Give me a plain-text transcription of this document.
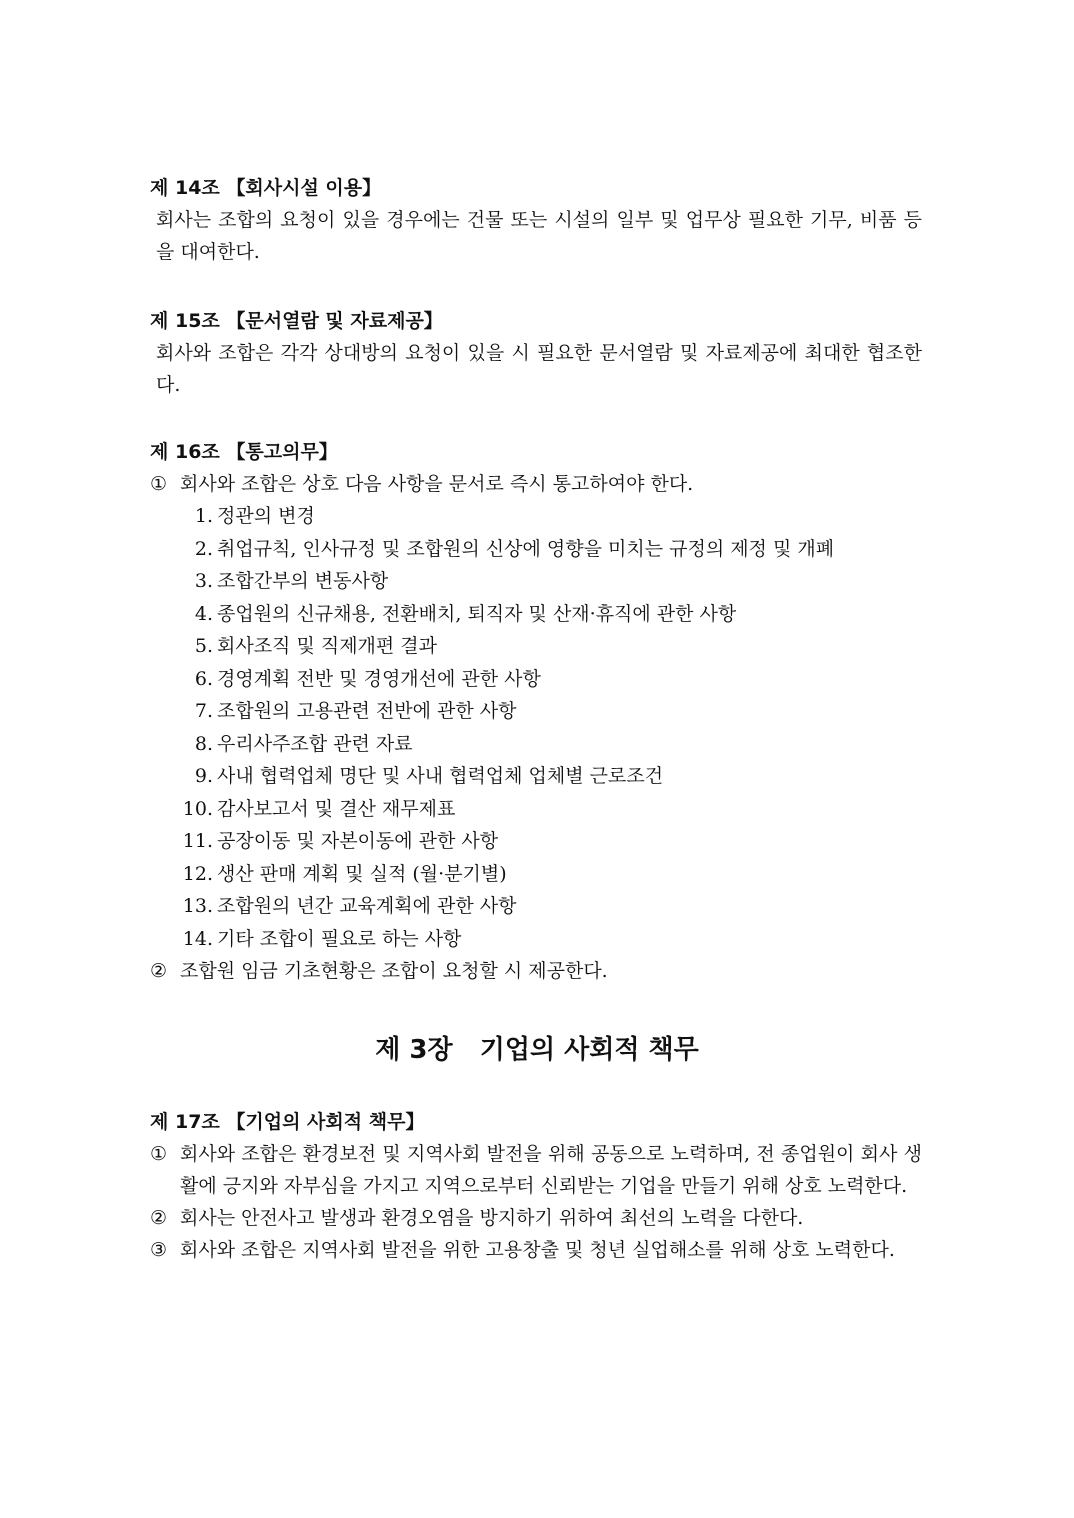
제 14조 【회사시설 이용】

회사는 조합의 요청이 있을 경우에는 건물 또는 시설의 일부 및 업무상 필요한 기무, 비품 등을 대여한다.

제 15조 【문서열람 및 자료제공】

회사와 조합은 각각 상대방의 요청이 있을 시 필요한 문서열람 및 자료제공에 최대한 협조한다.

제 16조 【통고의무】

① 회사와 조합은 상호 다음 사항을 문서로 즉시 통고하여야 한다.
1. 정관의 변경
2. 취업규칙, 인사규정 및 조합원의 신상에 영향을 미치는 규정의 제정 및 개폐
3. 조합간부의 변동사항
4. 종업원의 신규채용, 전환배치, 퇴직자 및 산재·휴직에 관한 사항
5. 회사조직 및 직제개편 결과
6. 경영계획 전반 및 경영개선에 관한 사항
7. 조합원의 고용관련 전반에 관한 사항
8. 우리사주조합 관련 자료
9. 사내 협력업체 명단 및 사내 협력업체 업체별 근로조건
10. 감사보고서 및 결산 재무제표
11. 공장이동 및 자본이동에 관한 사항
12. 생산 판매 계획 및 실적 (월·분기별)
13. 조합원의 년간 교육계획에 관한 사항
14. 기타 조합이 필요로 하는 사항
② 조합원 임금 기초현황은 조합이 요청할 시 제공한다.
제 3장   기업의 사회적 책무

제 17조 【기업의 사회적 책무】

① 회사와 조합은 환경보전 및 지역사회 발전을 위해 공동으로 노력하며, 전 종업원이 회사 생활에 긍지와 자부심을 가지고 지역으로부터 신뢰받는 기업을 만들기 위해 상호 노력한다.
② 회사는 안전사고 발생과 환경오염을 방지하기 위하여 최선의 노력을 다한다.
③ 회사와 조합은 지역사회 발전을 위한 고용창출 및 청년 실업해소를 위해 상호 노력한다.
